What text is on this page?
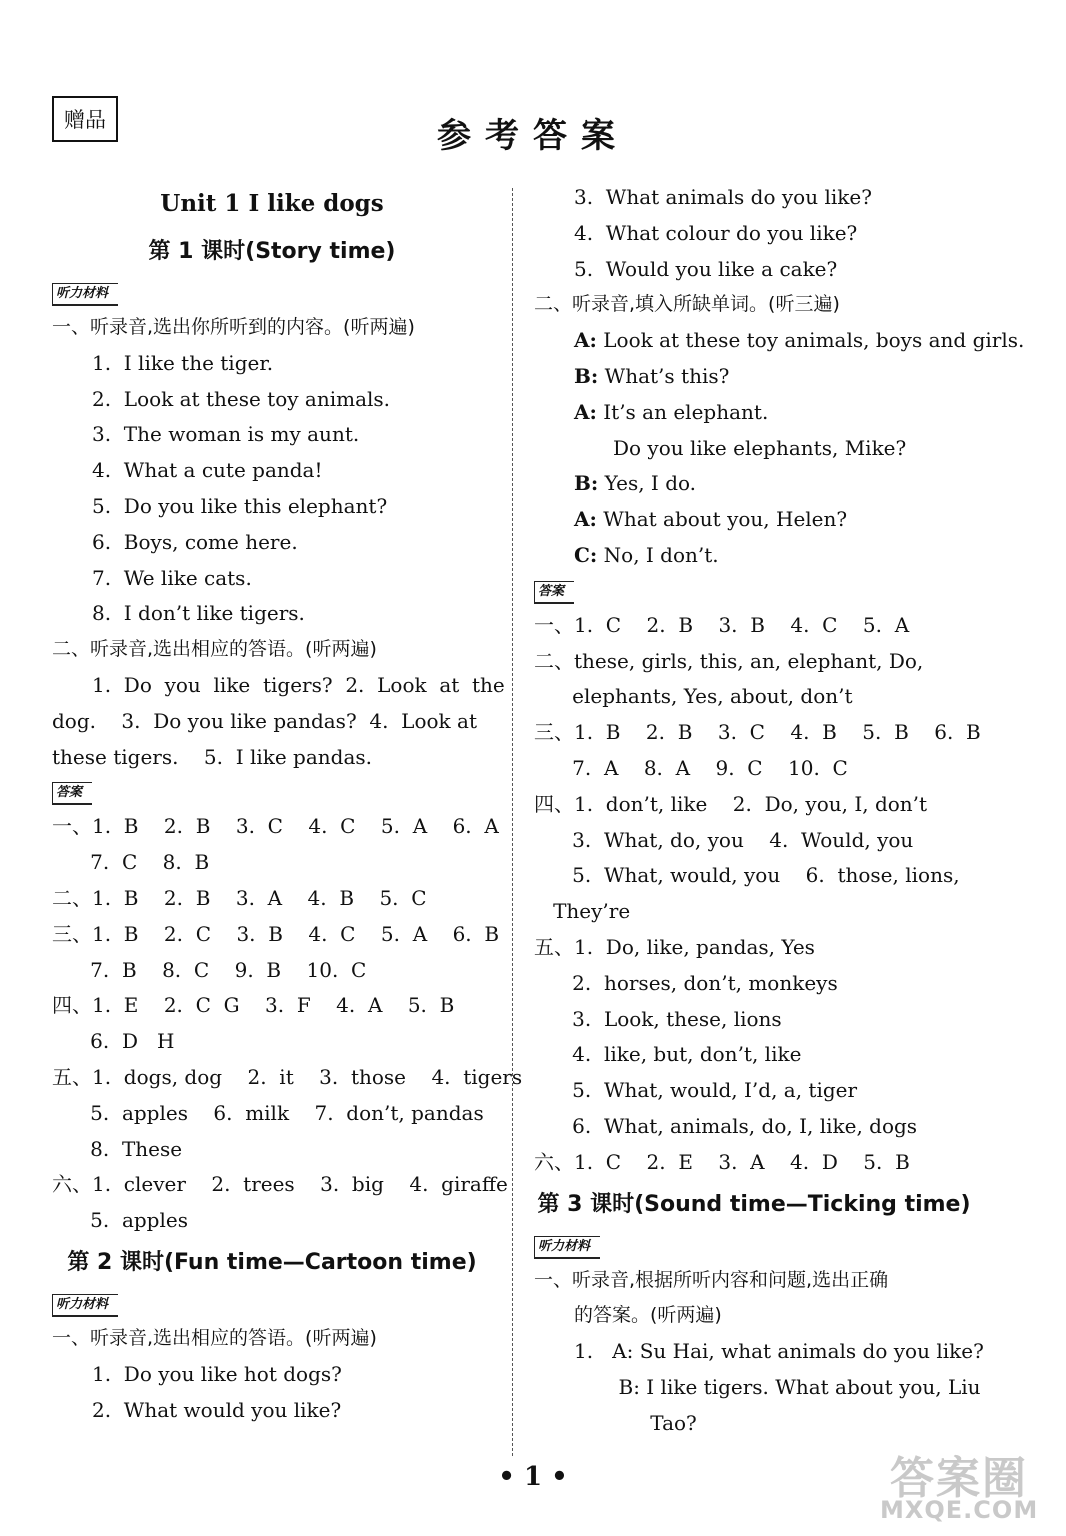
赠品	参考答案
Unit 1 I like dogs
第 1 课时(Story time)
听力材料
一、听录音,选出你所听到的内容。(听两遍)
1.  I like the tiger.
2.  Look at these toy animals.
3.  The woman is my aunt.
4.  What a cute panda!
5.  Do you like this elephant?
6.  Boys, come here.
7.  We like cats.
8.  I don’t like tigers.
二、听录音,选出相应的答语。(听两遍)
1.  Do  you  like  tigers?  2.  Look  at  the
dog.    3.  Do you like pandas?  4.  Look at
these tigers.    5.  I like pandas.
答案
一、1.  B    2.  B    3.  C    4.  C    5.  A    6.  A
7.  C    8.  B
二、1.  B    2.  B    3.  A    4.  B    5.  C
三、1.  B    2.  C    3.  B    4.  C    5.  A    6.  B
7.  B    8.  C    9.  B    10.  C
四、1.  E    2.  C  G    3.  F    4.  A    5.  B
6.  D   H
五、1.  dogs, dog    2.  it    3.  those    4.  tigers
5.  apples    6.  milk    7.  don’t, pandas
8.  These
六、1.  clever    2.  trees    3.  big    4.  giraffe
5.  apples
第 2 课时(Fun time—Cartoon time)
听力材料
一、听录音,选出相应的答语。(听两遍)
1.  Do you like hot dogs?
2.  What would you like?
3.  What animals do you like?
4.  What colour do you like?
5.  Would you like a cake?
二、听录音,填入所缺单词。(听三遍)
A: Look at these toy animals, boys and girls.
B: What’s this?
A: It’s an elephant.
Do you like elephants, Mike?
B: Yes, I do.
A: What about you, Helen?
C: No, I don’t.
答案
一、1.  C    2.  B    3.  B    4.  C    5.  A
二、these, girls, this, an, elephant, Do,
elephants, Yes, about, don’t
三、1.  B    2.  B    3.  C    4.  B    5.  B    6.  B
7.  A    8.  A    9.  C    10.  C
四、1.  don’t, like    2.  Do, you, I, don’t
3.  What, do, you    4.  Would, you
5.  What, would, you    6.  those, lions,
They’re
五、1.  Do, like, pandas, Yes
2.  horses, don’t, monkeys
3.  Look, these, lions
4.  like, but, don’t, like
5.  What, would, I’d, a, tiger
6.  What, animals, do, I, like, dogs
六、1.  C    2.  E    3.  A    4.  D    5.  B
第 3 课时(Sound time—Ticking time)
听力材料
一、听录音,根据所听内容和问题,选出正确
的答案。(听两遍)
1.   A: Su Hai, what animals do you like?
B: I like tigers. What about you, Liu
Tao?
• 1 •	答案圈
MXQE.COM
